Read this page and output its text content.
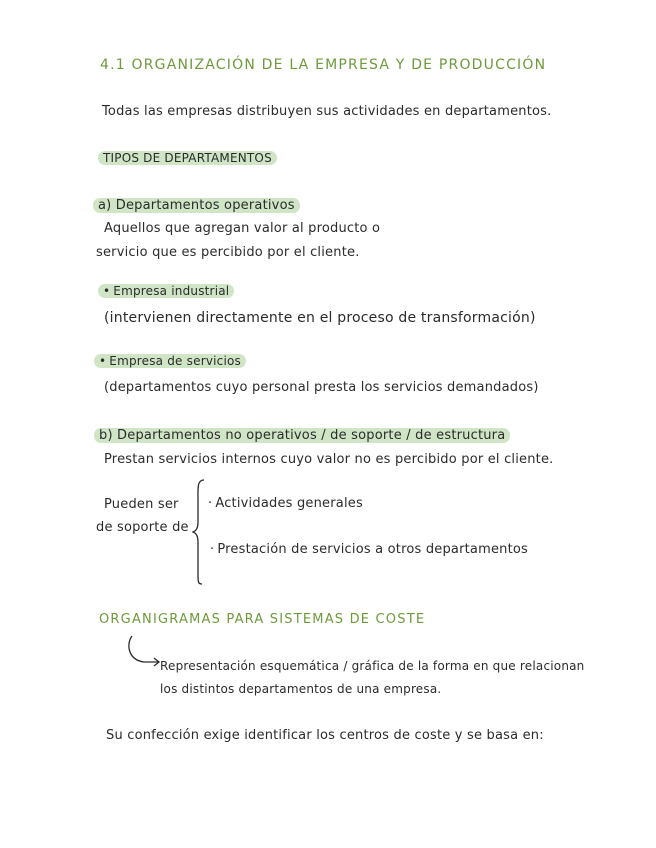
4.1 ORGANIZACIÓN DE LA EMPRESA Y DE PRODUCCIÓN
Todas las empresas distribuyen sus actividades en departamentos.
TIPOS DE DEPARTAMENTOS
a) Departamentos operativos
Aquellos que agregan valor al producto o
servicio que es percibido por el cliente.
• Empresa industrial
(intervienen directamente en el proceso de transformación)
• Empresa de servicios
(departamentos cuyo personal presta los servicios demandados)
b) Departamentos no operativos / de soporte / de estructura
Prestan servicios internos cuyo valor no es percibido por el cliente.
Pueden ser
de soporte de
· Actividades generales
· Prestación de servicios a otros departamentos
ORGANIGRAMAS PARA SISTEMAS DE COSTE
Representación esquemática / gráfica de la forma en que relacionan
los distintos departamentos de una empresa.
Su confección exige identificar los centros de coste y se basa en:
